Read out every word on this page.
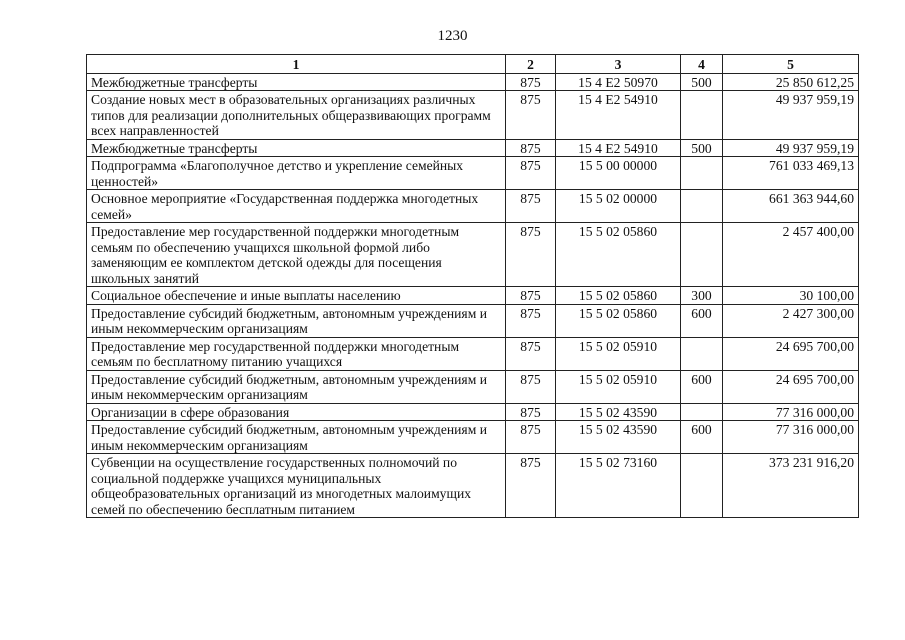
1230
1	2	3	4	5
Межбюджетные трансферты	875	15 4 E2 50970	500	25 850 612,25
Создание новых мест в образовательных организациях различных типов для реализации дополнительных общеразвивающих программ всех направленностей	875	15 4 E2 54910		49 937 959,19
Межбюджетные трансферты	875	15 4 E2 54910	500	49 937 959,19
Подпрограмма «Благополучное детство и укрепление семейных ценностей»	875	15 5 00 00000		761 033 469,13
Основное мероприятие «Государственная поддержка многодетных семей»	875	15 5 02 00000		661 363 944,60
Предоставление мер государственной поддержки многодетным семьям по обеспечению учащихся школьной формой либо заменяющим ее комплектом детской одежды для посещения школьных занятий	875	15 5 02 05860		2 457 400,00
Социальное обеспечение и иные выплаты населению	875	15 5 02 05860	300	30 100,00
Предоставление субсидий бюджетным, автономным учреждениям и иным некоммерческим организациям	875	15 5 02 05860	600	2 427 300,00
Предоставление мер государственной поддержки многодетным семьям по бесплатному питанию учащихся	875	15 5 02 05910		24 695 700,00
Предоставление субсидий бюджетным, автономным учреждениям и иным некоммерческим организациям	875	15 5 02 05910	600	24 695 700,00
Организации в сфере образования	875	15 5 02 43590		77 316 000,00
Предоставление субсидий бюджетным, автономным учреждениям и иным некоммерческим организациям	875	15 5 02 43590	600	77 316 000,00
Субвенции на осуществление государственных полномочий по социальной поддержке учащихся муниципальных общеобразовательных организаций из многодетных малоимущих семей по обеспечению бесплатным питанием	875	15 5 02 73160		373 231 916,20
